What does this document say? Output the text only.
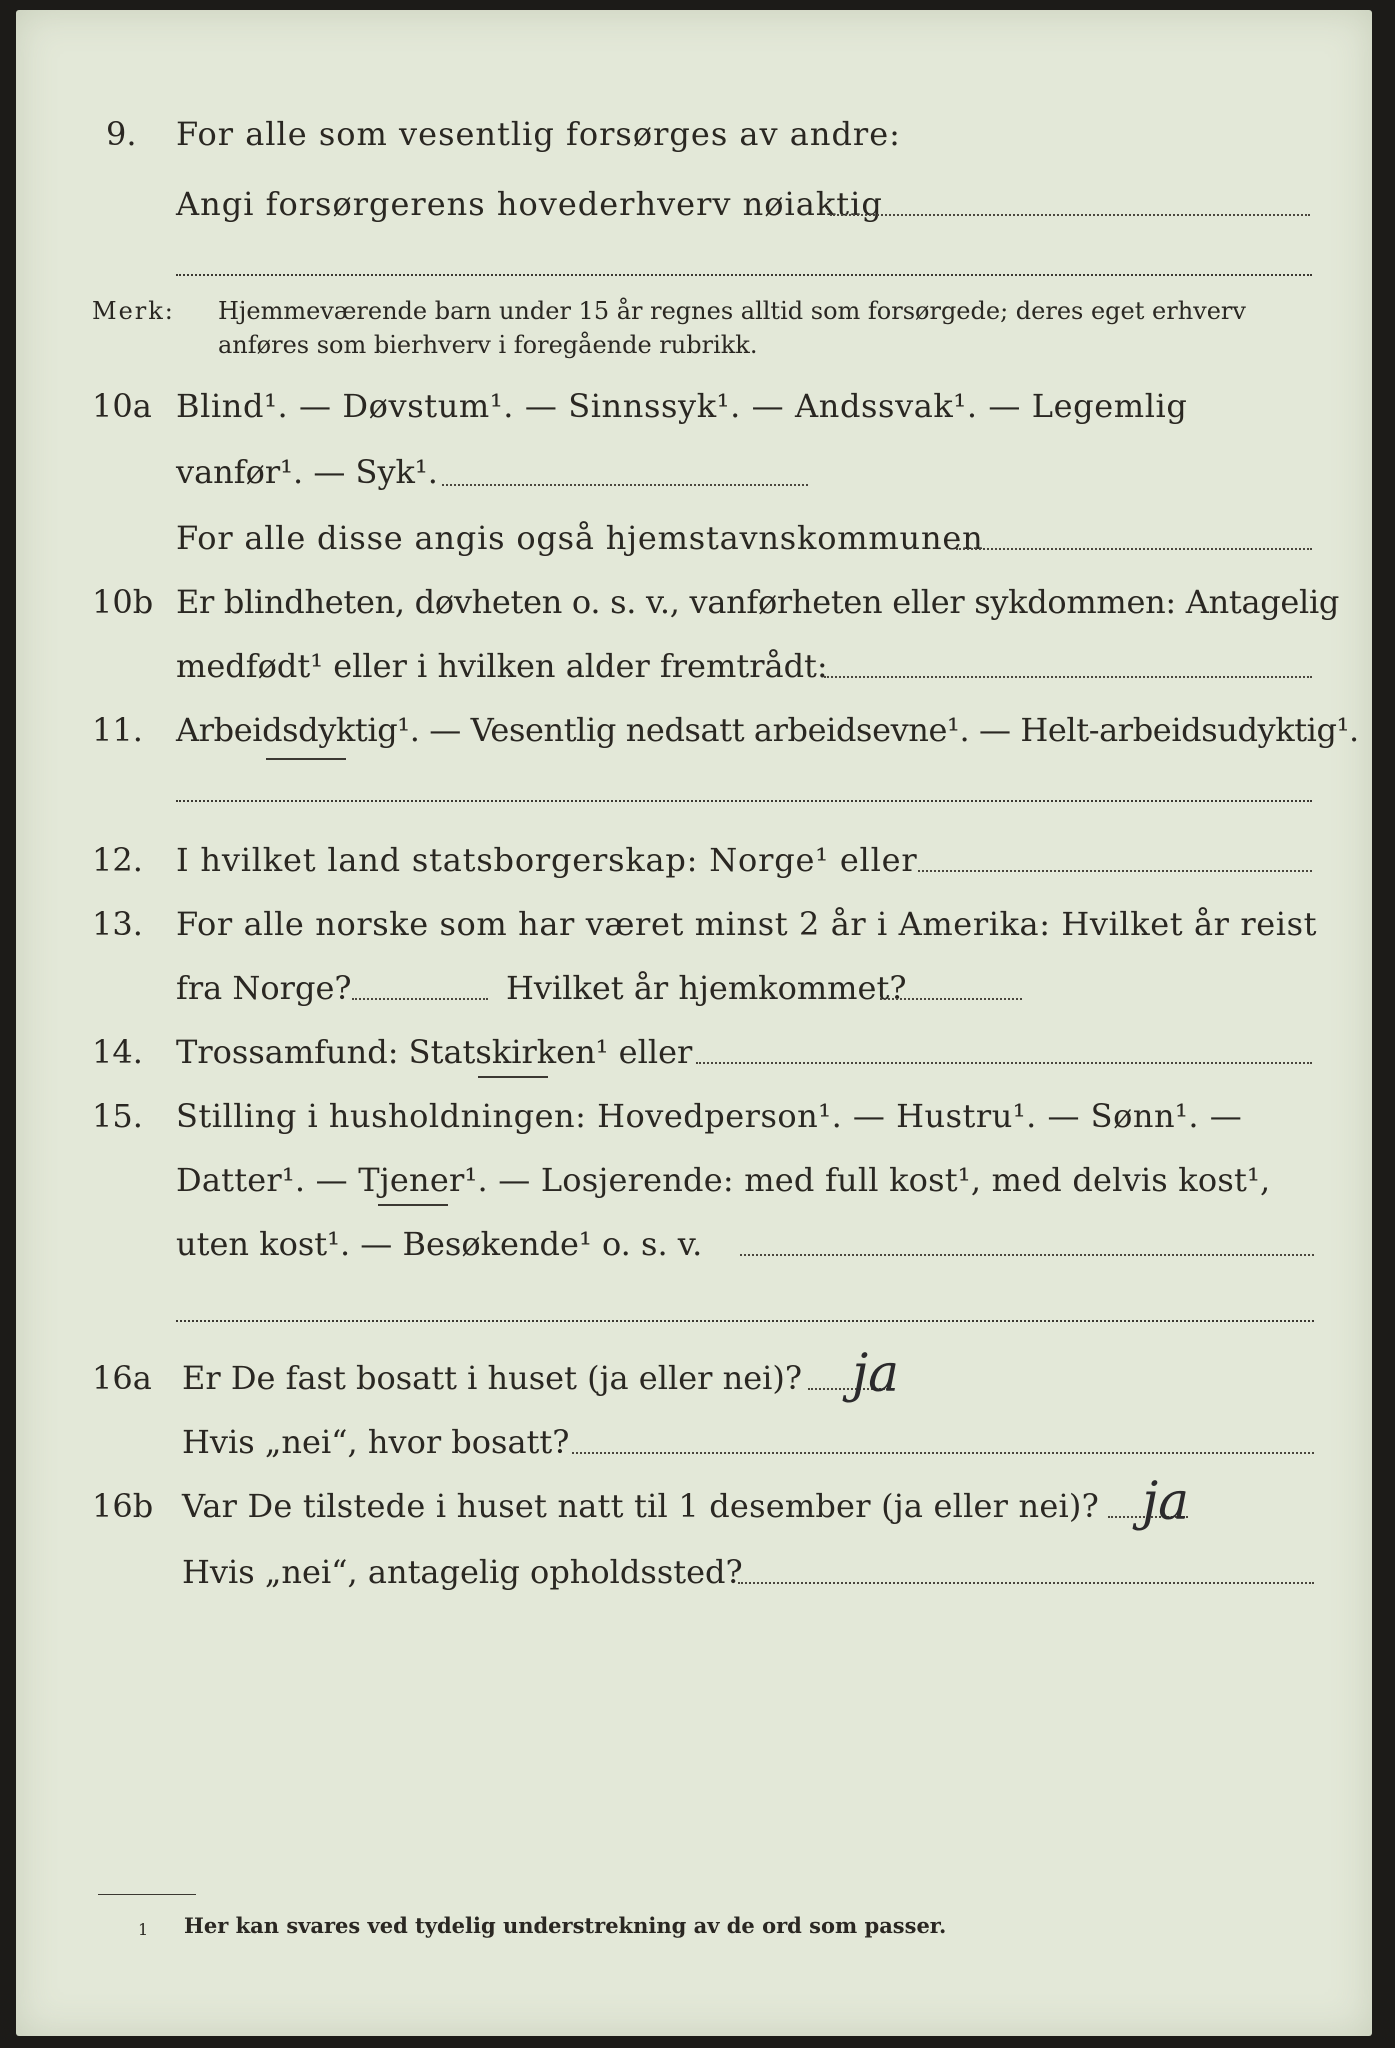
9. For alle som vesentlig forsørges av andre:
Angi forsørgerens hovederhverv nøiaktig
Merk: Hjemmeværende barn under 15 år regnes alltid som forsørgede; deres eget erhverv
anføres som bierhverv i foregående rubrikk.
10a Blind¹. — Døvstum¹. — Sinnssyk¹. — Andssvak¹. — Legemlig
vanfør¹. — Syk¹.
For alle disse angis også hjemstavnskommunen
10b Er blindheten, døvheten o. s. v., vanførheten eller sykdommen: Antagelig
medfødt¹ eller i hvilken alder fremtrådt:
11. Arbeidsdyktig¹. — Vesentlig nedsatt arbeidsevne¹. — Helt-arbeidsudyktig¹.
12. I hvilket land statsborgerskap: Norge¹ eller
13. For alle norske som har været minst 2 år i Amerika: Hvilket år reist
fra Norge?	Hvilket år hjemkommet?
14. Trossamfund: Statskirken¹ eller
15. Stilling i husholdningen: Hovedperson¹. — Hustru¹. — Sønn¹. —
Datter¹. — Tjener¹. — Losjerende: med full kost¹, med delvis kost¹,
uten kost¹. — Besøkende¹ o. s. v.
16a Er De fast bosatt i huset (ja eller nei)? ja
Hvis „nei“, hvor bosatt?
16b Var De tilstede i huset natt til 1 desember (ja eller nei)? ja
Hvis „nei“, antagelig opholdssted?
1 Her kan svares ved tydelig understrekning av de ord som passer.
